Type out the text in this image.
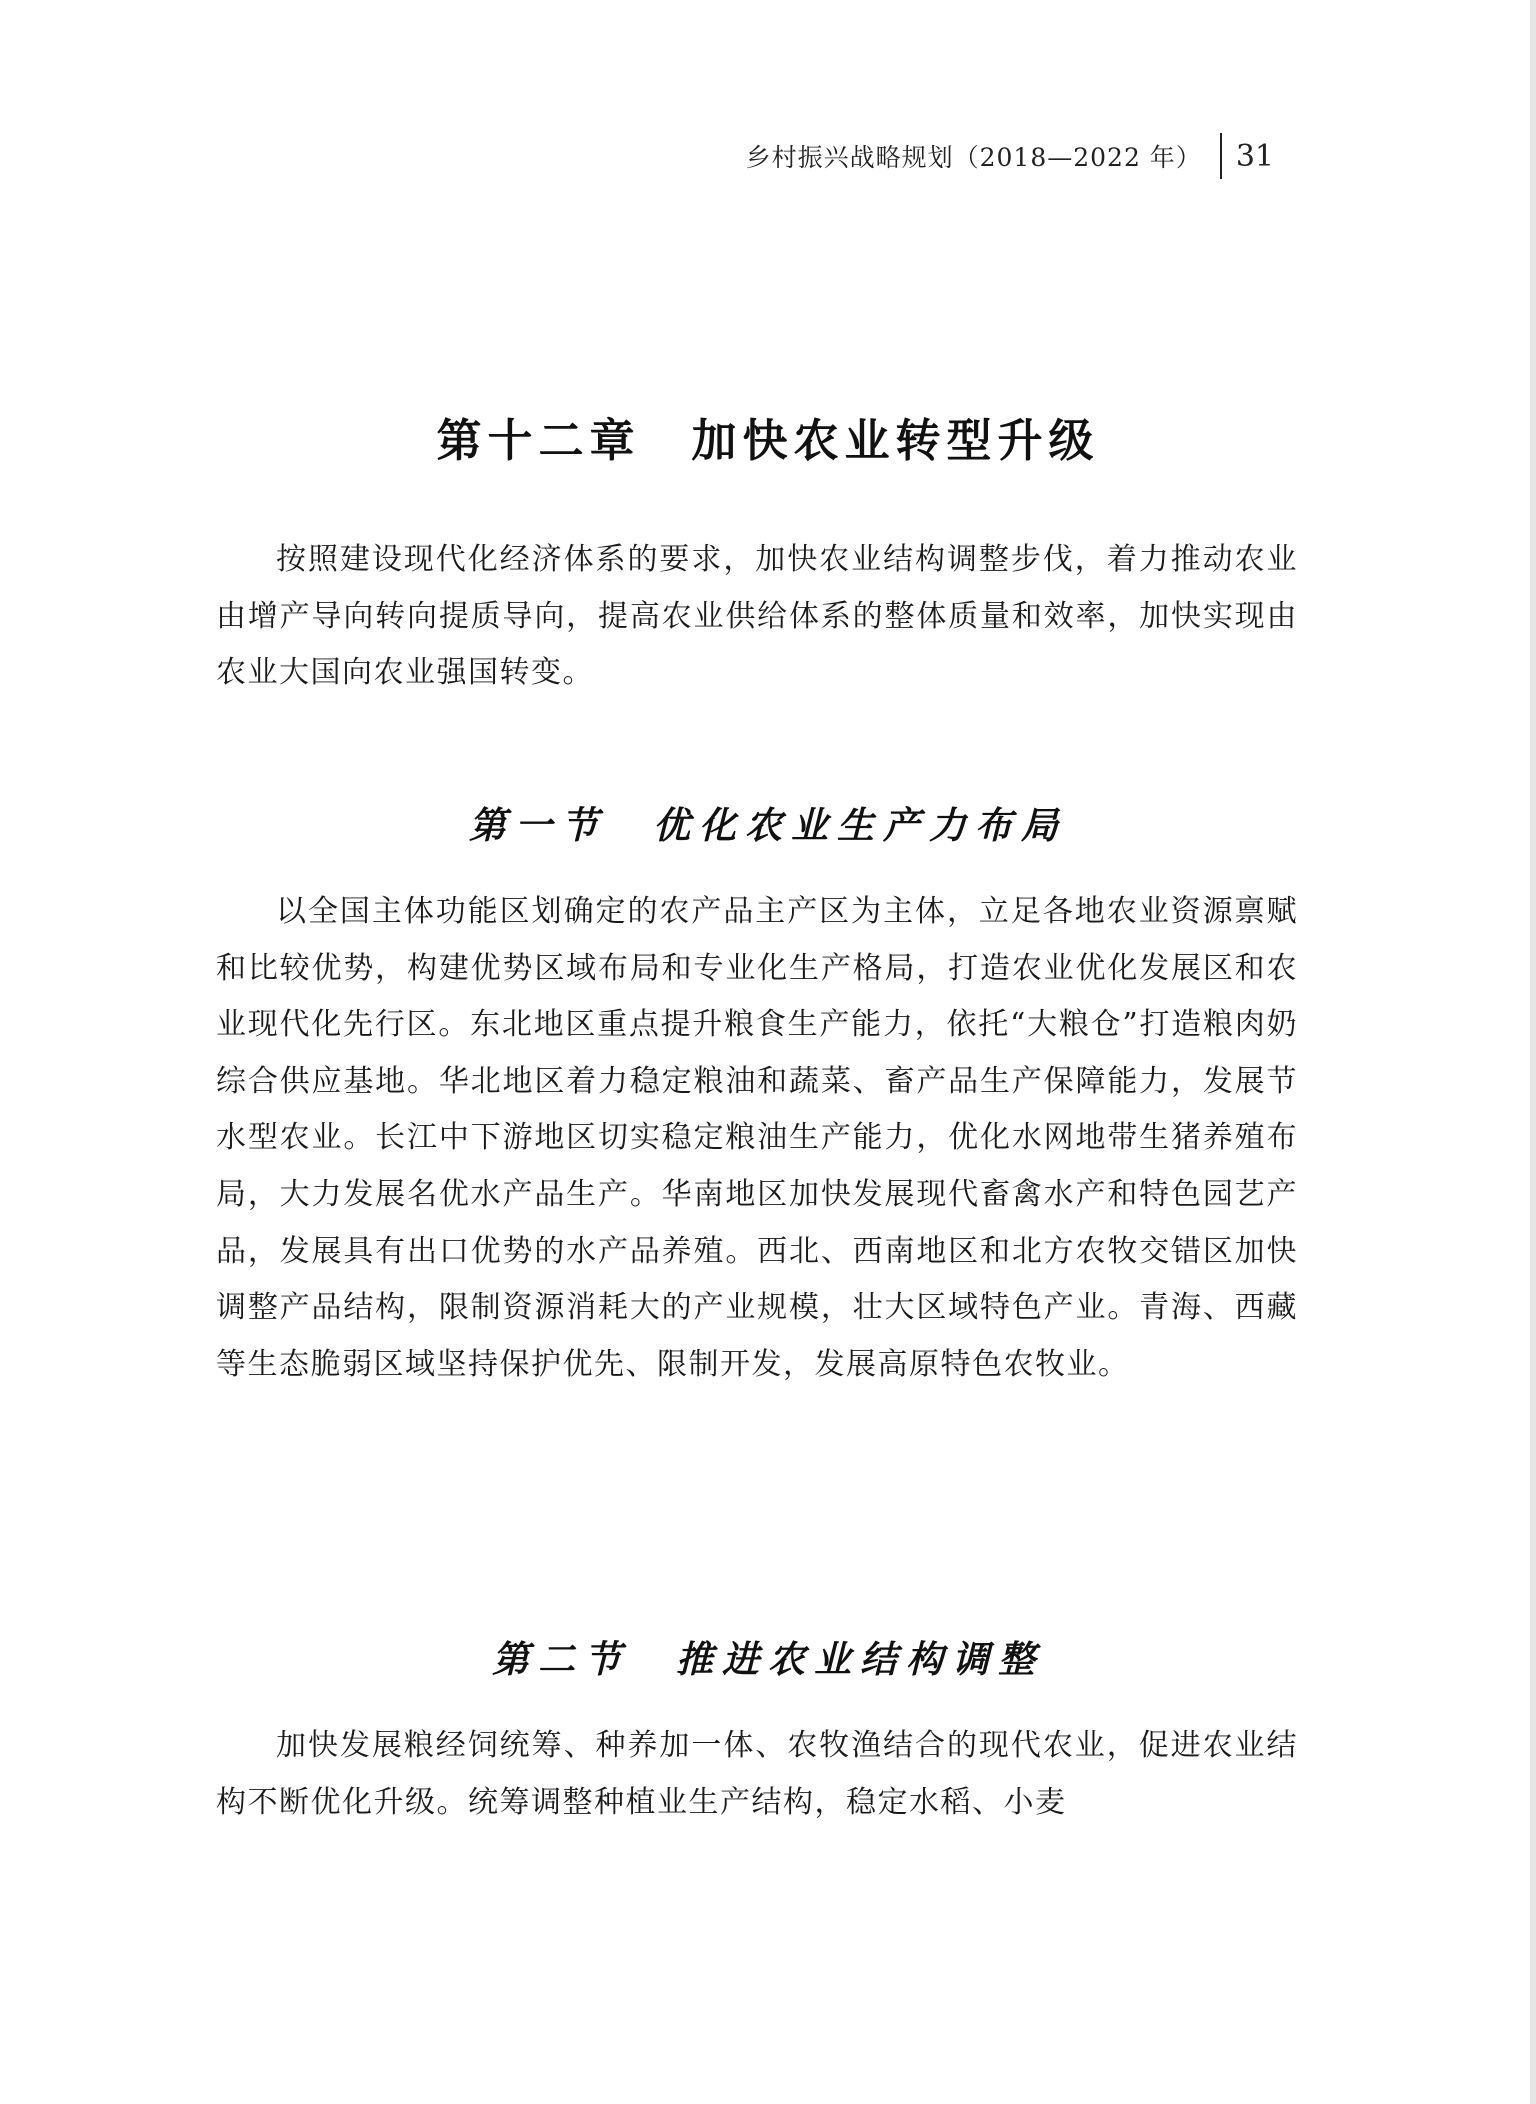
乡村振兴战略规划（2018—2022 年） 31
第十二章　加快农业转型升级

按照建设现代化经济体系的要求，加快农业结构调整步伐，着力推动农业由增产导向转向提质导向，提高农业供给体系的整体质量和效率，加快实现由农业大国向农业强国转变。

第一节　优化农业生产力布局

以全国主体功能区划确定的农产品主产区为主体，立足各地农业资源禀赋和比较优势，构建优势区域布局和专业化生产格局，打造农业优化发展区和农业现代化先行区。东北地区重点提升粮食生产能力，依托“大粮仓”打造粮肉奶综合供应基地。华北地区着力稳定粮油和蔬菜、畜产品生产保障能力，发展节水型农业。长江中下游地区切实稳定粮油生产能力，优化水网地带生猪养殖布局，大力发展名优水产品生产。华南地区加快发展现代畜禽水产和特色园艺产品，发展具有出口优势的水产品养殖。西北、西南地区和北方农牧交错区加快调整产品结构，限制资源消耗大的产业规模，壮大区域特色产业。青海、西藏等生态脆弱区域坚持保护优先、限制开发，发展高原特色农牧业。

第二节　推进农业结构调整

加快发展粮经饲统筹、种养加一体、农牧渔结合的现代农业，促进农业结构不断优化升级。统筹调整种植业生产结构，稳定水稻、小麦
